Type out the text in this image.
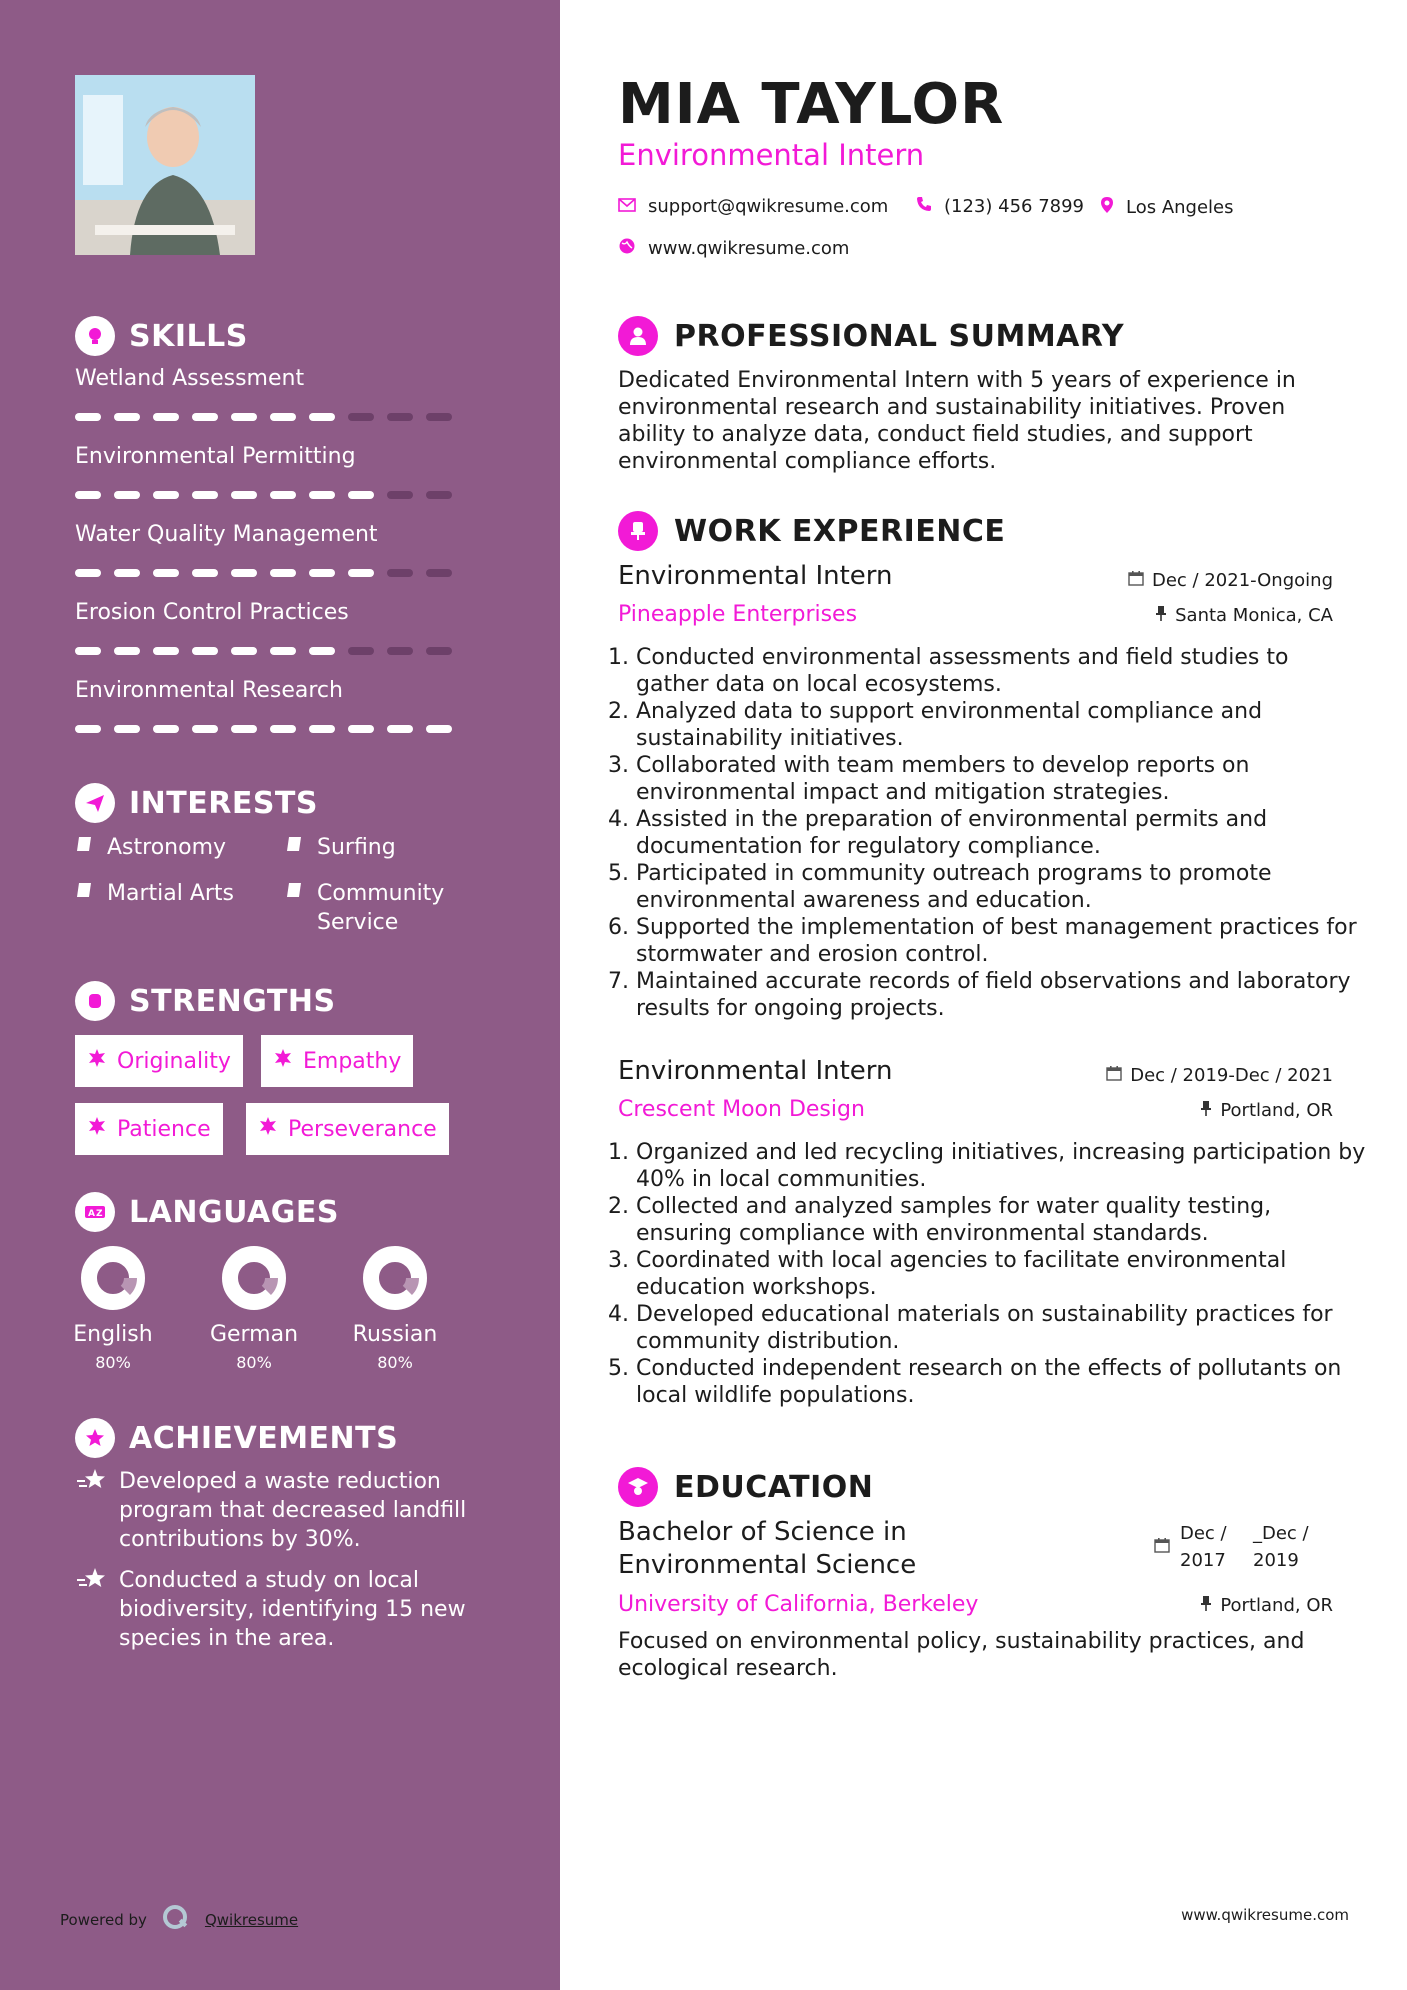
SKILLS
Wetland Assessment
Environmental Permitting
Water Quality Management
Erosion Control Practices
Environmental Research
INTERESTS
Astronomy	Surfing
Martial Arts	Community Service
STRENGTHS
Originality	Empathy
Patience	Perseverance
A Z LANGUAGES
English
80%
German
80%
Russian
80%
ACHIEVEMENTS
Developed a waste reduction program that decreased landfill contributions by 30%.
Conducted a study on local biodiversity, identifying 15 new species in the area.
Powered by	Qwikresume
MIA TAYLOR
Environmental Intern
support@qwikresume.com	(123) 456 7899 Los Angeles
www.qwikresume.com
PROFESSIONAL SUMMARY
Dedicated Environmental Intern with 5 years of experience in environmental research and sustainability initiatives. Proven ability to analyze data, conduct field studies, and support environmental compliance efforts.
WORK EXPERIENCE
Environmental Intern
Pineapple Enterprises
Dec / 2021-Ongoing
Santa Monica, CA
1. Conducted environmental assessments and field studies to gather data on local ecosystems.
2. Analyzed data to support environmental compliance and sustainability initiatives.
3. Collaborated with team members to develop reports on environmental impact and mitigation strategies.
4. Assisted in the preparation of environmental permits and documentation for regulatory compliance.
5. Participated in community outreach programs to promote environmental awareness and education.
6. Supported the implementation of best management practices for stormwater and erosion control.
7. Maintained accurate records of field observations and laboratory results for ongoing projects.
Environmental Intern
Crescent Moon Design
Dec / 2019-Dec / 2021
Portland, OR
1. Organized and led recycling initiatives, increasing participation by 40% in local communities.
2. Collected and analyzed samples for water quality testing, ensuring compliance with environmental standards.
3. Coordinated with local agencies to facilitate environmental education workshops.
4. Developed educational materials on sustainability practices for community distribution.
5. Conducted independent research on the effects of pollutants on local wildlife populations.
EDUCATION
Bachelor of Science in Environmental Science
University of California, Berkeley
Dec / 2017
_Dec / 2019
Portland, OR
Focused on environmental policy, sustainability practices, and ecological research.
www.qwikresume.com
